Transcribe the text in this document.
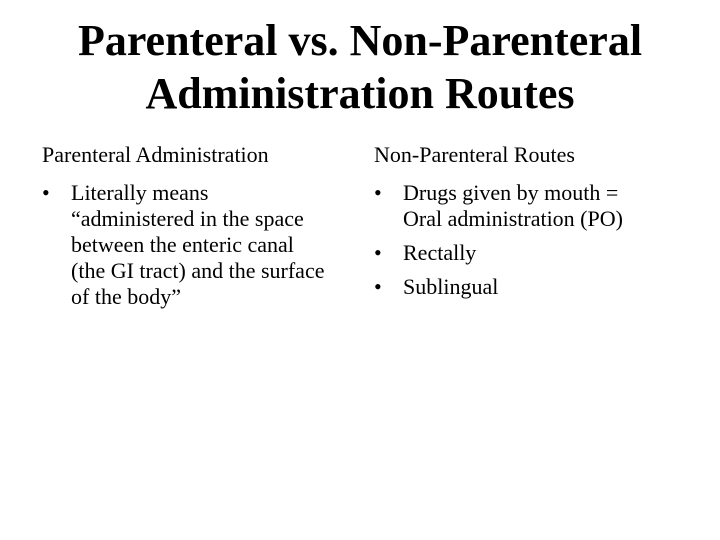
Parenteral vs. Non-Parenteral
Administration Routes
Parenteral Administration
• Literally means
“administered in the space
between the enteric canal
(the GI tract) and the surface
of the body”
Non-Parenteral Routes
• Drugs given by mouth =
Oral administration (PO)
• Rectally
• Sublingual
